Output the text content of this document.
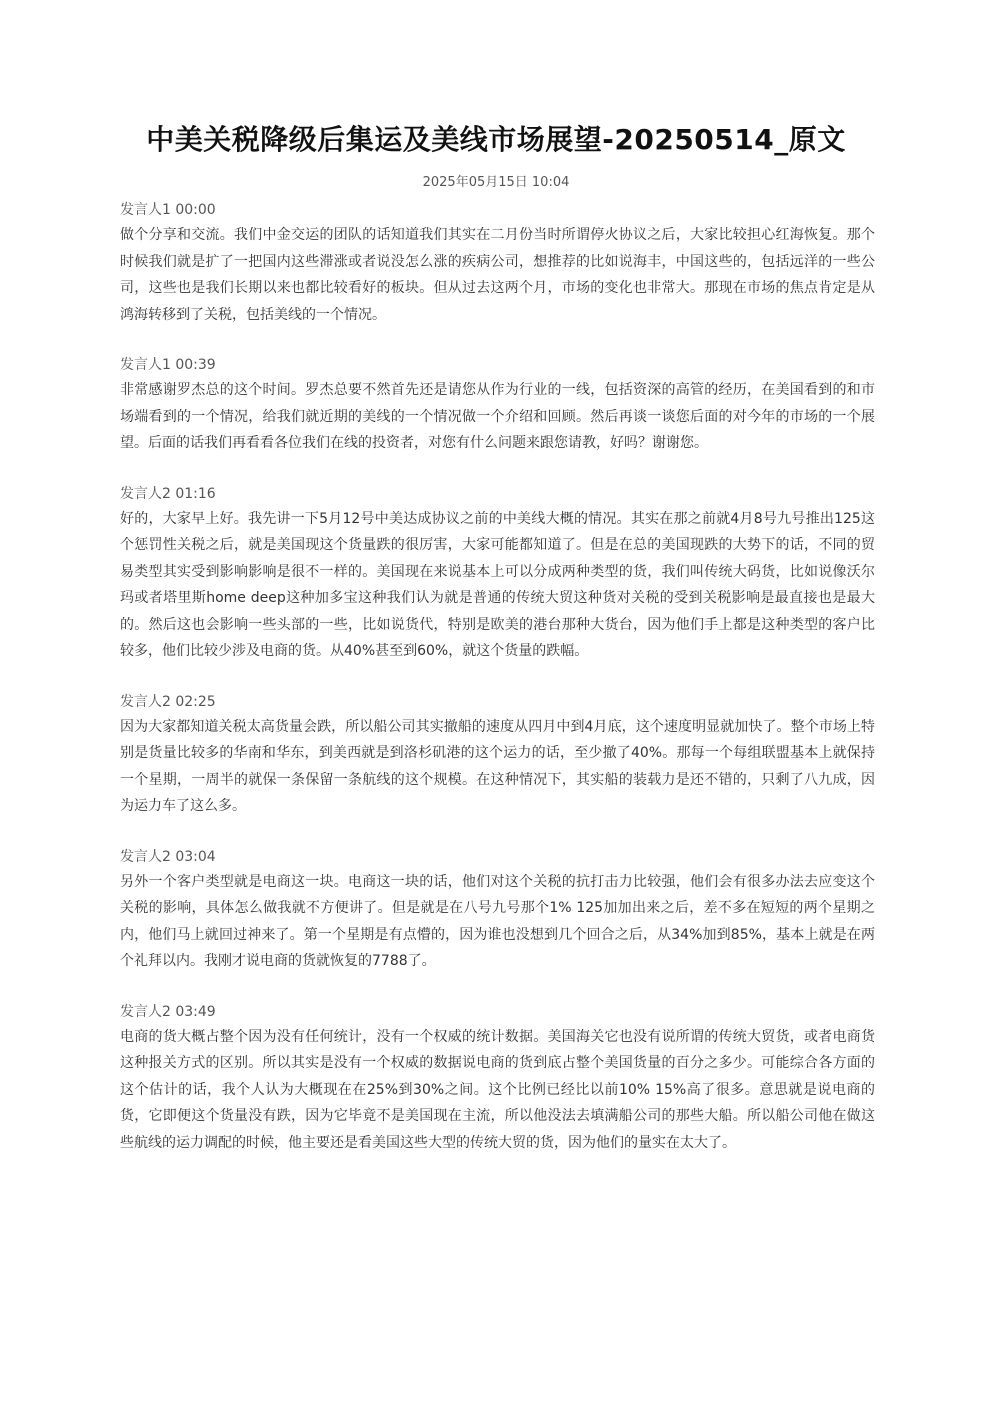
中美关税降级后集运及美线市场展望-20250514_原文
2025年05月15日 10:04
发言人1 00:00

做个分享和交流。我们中金交运的团队的话知道我们其实在二月份当时所谓停火协议之后，大家比较担心红海恢复。那个时候我们就是扩了一把国内这些滞涨或者说没怎么涨的疾病公司，想推荐的比如说海丰，中国这些的，包括远洋的一些公司，这些也是我们长期以来也都比较看好的板块。但从过去这两个月，市场的变化也非常大。那现在市场的焦点肯定是从鸿海转移到了关税，包括美线的一个情况。

发言人1 00:39

非常感谢罗杰总的这个时间。罗杰总要不然首先还是请您从作为行业的一线，包括资深的高管的经历，在美国看到的和市场端看到的一个情况，给我们就近期的美线的一个情况做一个介绍和回顾。然后再谈一谈您后面的对今年的市场的一个展望。后面的话我们再看看各位我们在线的投资者，对您有什么问题来跟您请教，好吗？谢谢您。

发言人2 01:16

好的，大家早上好。我先讲一下5月12号中美达成协议之前的中美线大概的情况。其实在那之前就4月8号九号推出125这个惩罚性关税之后，就是美国现这个货量跌的很厉害，大家可能都知道了。但是在总的美国现跌的大势下的话，不同的贸易类型其实受到影响影响是很不一样的。美国现在来说基本上可以分成两种类型的货，我们叫传统大码货，比如说像沃尔玛或者塔里斯home deep这种加多宝这种我们认为就是普通的传统大贸这种货对关税的受到关税影响是最直接也是最大的。然后这也会影响一些头部的一些，比如说货代，特别是欧美的港台那种大货台，因为他们手上都是这种类型的客户比较多，他们比较少涉及电商的货。从40%甚至到60%，就这个货量的跌幅。

发言人2 02:25

因为大家都知道关税太高货量会跌，所以船公司其实撤船的速度从四月中到4月底，这个速度明显就加快了。整个市场上特别是货量比较多的华南和华东，到美西就是到洛杉矶港的这个运力的话，至少撤了40%。那每一个每组联盟基本上就保持一个星期，一周半的就保一条保留一条航线的这个规模。在这种情况下，其实船的装载力是还不错的，只剩了八九成，因为运力车了这么多。

发言人2 03:04

另外一个客户类型就是电商这一块。电商这一块的话，他们对这个关税的抗打击力比较强，他们会有很多办法去应变这个关税的影响，具体怎么做我就不方便讲了。但是就是在八号九号那个1% 125加加出来之后，差不多在短短的两个星期之内，他们马上就回过神来了。第一个星期是有点懵的，因为谁也没想到几个回合之后，从34%加到85%，基本上就是在两个礼拜以内。我刚才说电商的货就恢复的7788了。

发言人2 03:49

电商的货大概占整个因为没有任何统计，没有一个权威的统计数据。美国海关它也没有说所谓的传统大贸货，或者电商货这种报关方式的区别。所以其实是没有一个权威的数据说电商的货到底占整个美国货量的百分之多少。可能综合各方面的这个估计的话，我个人认为大概现在在25%到30%之间。这个比例已经比以前10% 15%高了很多。意思就是说电商的货，它即便这个货量没有跌，因为它毕竟不是美国现在主流，所以他没法去填满船公司的那些大船。所以船公司他在做这些航线的运力调配的时候，他主要还是看美国这些大型的传统大贸的货，因为他们的量实在太大了。
